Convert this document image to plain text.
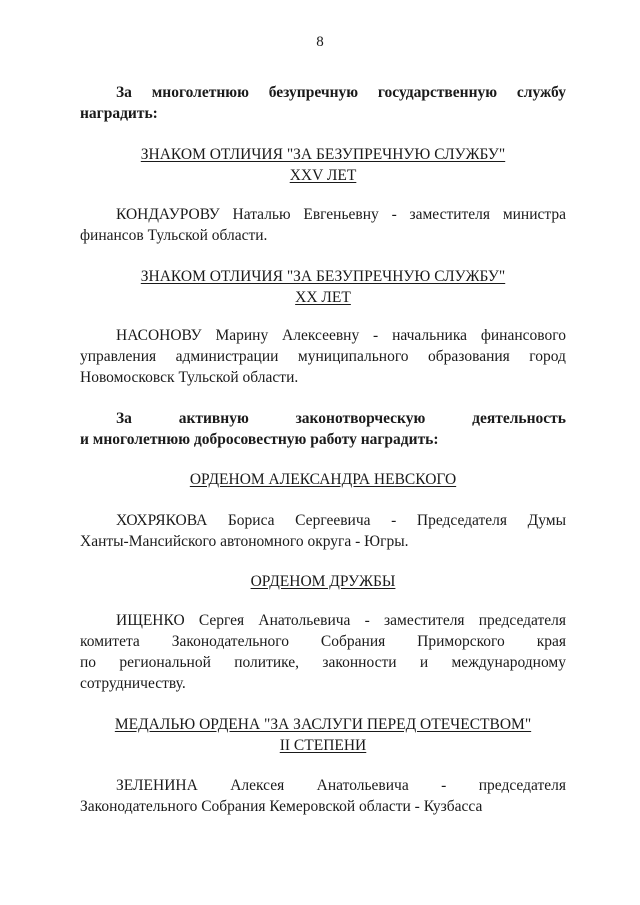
8
За многолетнюю безупречную государственную службу
наградить:
ЗНАКОМ ОТЛИЧИЯ "ЗА БЕЗУПРЕЧНУЮ СЛУЖБУ"
XXV ЛЕТ
КОНДАУРОВУ Наталью Евгеньевну - заместителя министра
финансов Тульской области.
ЗНАКОМ ОТЛИЧИЯ "ЗА БЕЗУПРЕЧНУЮ СЛУЖБУ"
XX ЛЕТ
НАСОНОВУ Марину Алексеевну - начальника финансового
управления администрации муниципального образования город
Новомосковск Тульской области.
За	активную	законотворческую	деятельность
и многолетнюю добросовестную работу наградить:
ОРДЕНОМ АЛЕКСАНДРА НЕВСКОГО
ХОХРЯКОВА Бориса Сергеевича - Председателя Думы
Ханты-Мансийского автономного округа - Югры.
ОРДЕНОМ ДРУЖБЫ
ИЩЕНКО Сергея Анатольевича - заместителя председателя
комитета Законодательного Собрания Приморского края
по региональной политике, законности и международному
сотрудничеству.
МЕДАЛЬЮ ОРДЕНА "ЗА ЗАСЛУГИ ПЕРЕД ОТЕЧЕСТВОМ"
II СТЕПЕНИ
ЗЕЛЕНИНА Алексея Анатольевича - председателя
Законодательного Собрания Кемеровской области - Кузбасса
